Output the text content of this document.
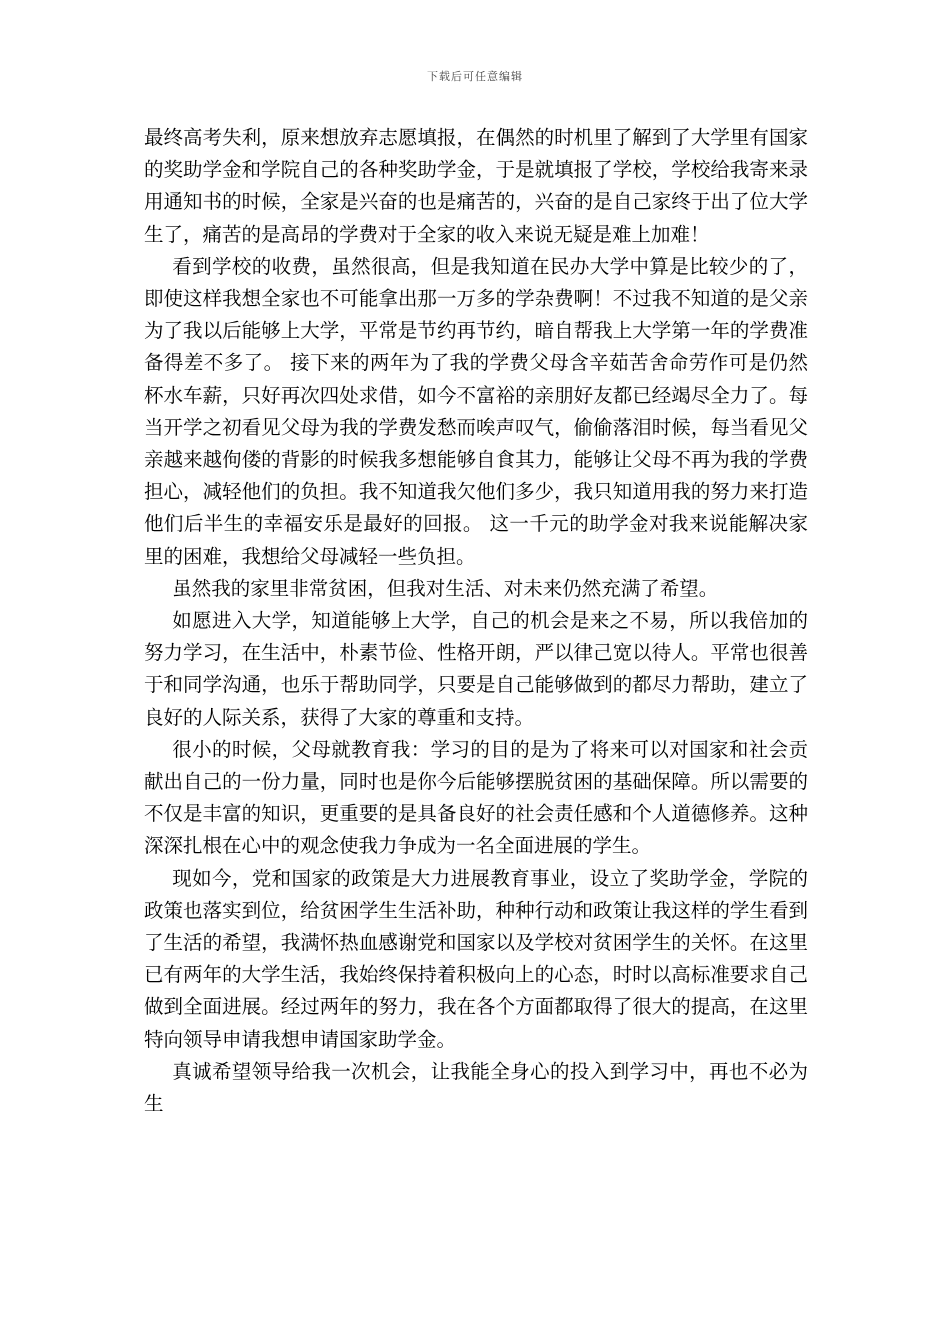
下载后可任意编辑

最终高考失利，原来想放弃志愿填报，在偶然的时机里了解到了大学里有国家的奖助学金和学院自己的各种奖助学金，于是就填报了学校，学校给我寄来录用通知书的时候，全家是兴奋的也是痛苦的，兴奋的是自己家终于出了位大学生了，痛苦的是高昂的学费对于全家的收入来说无疑是难上加难！

看到学校的收费，虽然很高，但是我知道在民办大学中算是比较少的了，即使这样我想全家也不可能拿出那一万多的学杂费啊！不过我不知道的是父亲为了我以后能够上大学，平常是节约再节约，暗自帮我上大学第一年的学费准备得差不多了。 接下来的两年为了我的学费父母含辛茹苦舍命劳作可是仍然杯水车薪，只好再次四处求借，如今不富裕的亲朋好友都已经竭尽全力了。每当开学之初看见父母为我的学费发愁而唉声叹气，偷偷落泪时候，每当看见父亲越来越佝偻的背影的时候我多想能够自食其力，能够让父母不再为我的学费担心，减轻他们的负担。我不知道我欠他们多少，我只知道用我的努力来打造他们后半生的幸福安乐是最好的回报。 这一千元的助学金对我来说能解决家里的困难，我想给父母减轻一些负担。

虽然我的家里非常贫困，但我对生活、对未来仍然充满了希望。

如愿进入大学，知道能够上大学，自己的机会是来之不易，所以我倍加的努力学习，在生活中，朴素节俭、性格开朗，严以律己宽以待人。平常也很善于和同学沟通，也乐于帮助同学，只要是自己能够做到的都尽力帮助，建立了良好的人际关系，获得了大家的尊重和支持。

很小的时候，父母就教育我：学习的目的是为了将来可以对国家和社会贡献出自己的一份力量，同时也是你今后能够摆脱贫困的基础保障。所以需要的不仅是丰富的知识，更重要的是具备良好的社会责任感和个人道德修养。这种深深扎根在心中的观念使我力争成为一名全面进展的学生。

现如今，党和国家的政策是大力进展教育事业，设立了奖助学金，学院的政策也落实到位，给贫困学生生活补助，种种行动和政策让我这样的学生看到了生活的希望，我满怀热血感谢党和国家以及学校对贫困学生的关怀。在这里已有两年的大学生活，我始终保持着积极向上的心态，时时以高标准要求自己做到全面进展。经过两年的努力，我在各个方面都取得了很大的提高，在这里特向领导申请我想申请国家助学金。

真诚希望领导给我一次机会，让我能全身心的投入到学习中，再也不必为生
